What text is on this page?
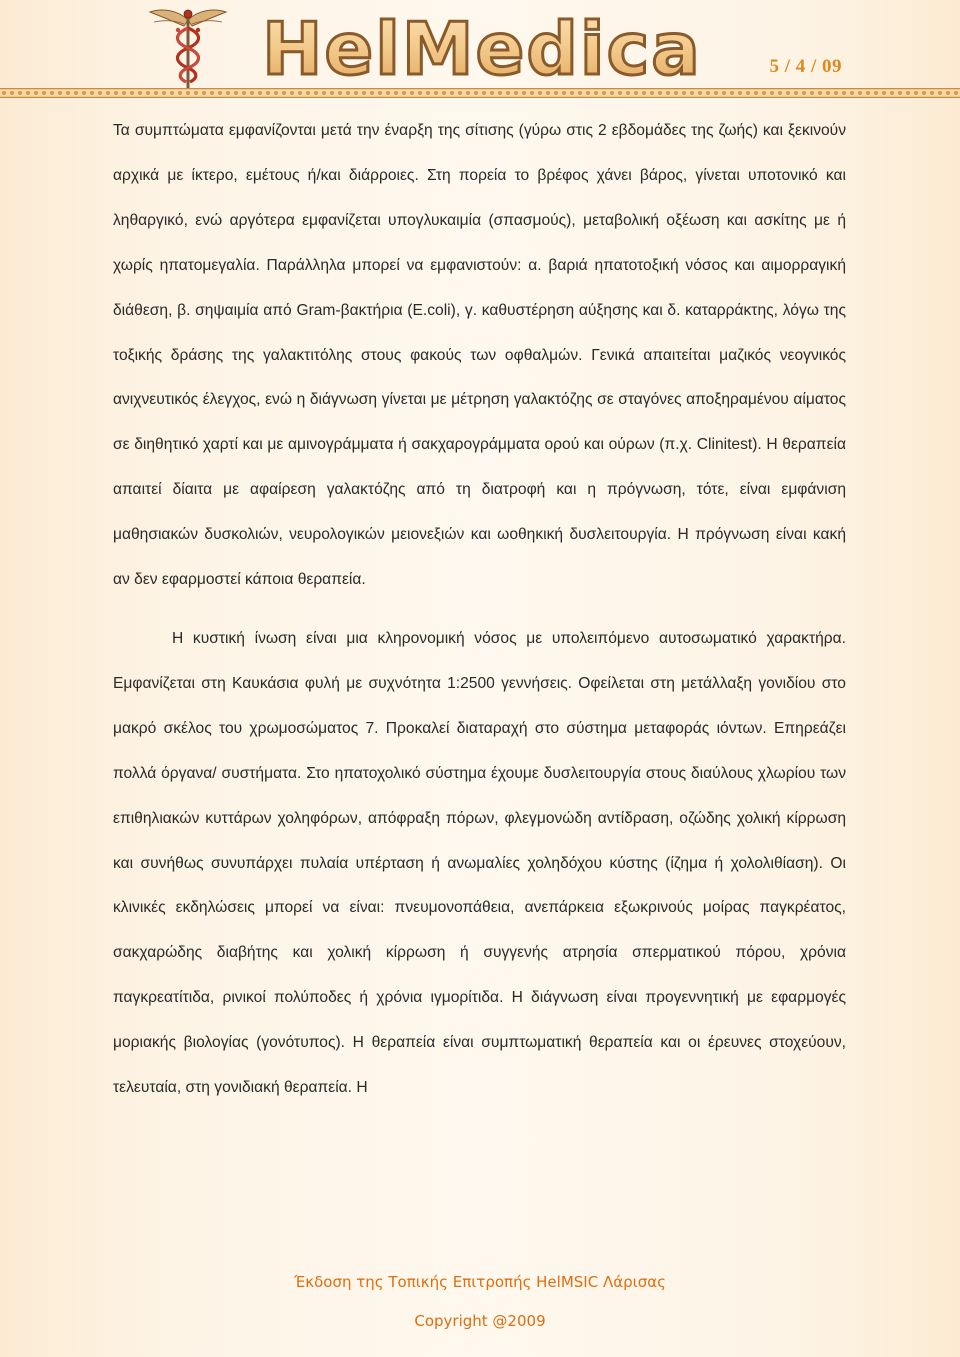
HelMedica	5 / 4 / 09

Τα συμπτώματα εμφανίζονται μετά την έναρξη της σίτισης (γύρω στις 2 εβδομάδες της ζωής) και ξεκινούν αρχικά με ίκτερο, εμέτους ή/και διάρροιες. Στη πορεία το βρέφος χάνει βάρος, γίνεται υποτονικό και ληθαργικό, ενώ αργότερα εμφανίζεται υπογλυκαιμία (σπασμούς), μεταβολική οξέωση και ασκίτης με ή χωρίς ηπατομεγαλία. Παράλληλα μπορεί να εμφανιστούν: α. βαριά ηπατοτοξική νόσος και αιμορραγική διάθεση, β. σηψαιμία από Gram-βακτήρια (E.coli), γ. καθυστέρηση αύξησης και δ. καταρράκτης, λόγω της τοξικής δράσης της γαλακτιτόλης στους φακούς των οφθαλμών. Γενικά απαιτείται μαζικός νεογνικός ανιχνευτικός έλεγχος, ενώ η διάγνωση γίνεται με μέτρηση γαλακτόζης σε σταγόνες αποξηραμένου αίματος σε διηθητικό χαρτί και με αμινογράμματα ή σακχαρογράμματα ορού και ούρων (π.χ. Clinitest). Η θεραπεία απαιτεί δίαιτα με αφαίρεση γαλακτόζης από τη διατροφή και η πρόγνωση, τότε, είναι εμφάνιση μαθησιακών δυσκολιών, νευρολογικών μειονεξιών και ωοθηκική δυσλειτουργία. Η πρόγνωση είναι κακή αν δεν εφαρμοστεί κάποια θεραπεία.

Η κυστική ίνωση είναι μια κληρονομική νόσος με υπολειπόμενο αυτοσωματικό χαρακτήρα. Εμφανίζεται στη Καυκάσια φυλή με συχνότητα 1:2500 γεννήσεις. Οφείλεται στη μετάλλαξη γονιδίου στο μακρό σκέλος του χρωμοσώματος 7. Προκαλεί διαταραχή στο σύστημα μεταφοράς ιόντων. Επηρεάζει πολλά όργανα/ συστήματα. Στο ηπατοχολικό σύστημα έχουμε δυσλειτουργία στους διαύλους χλωρίου των επιθηλιακών κυττάρων χοληφόρων, απόφραξη πόρων, φλεγμονώδη αντίδραση, οζώδης χολική κίρρωση και συνήθως συνυπάρχει πυλαία υπέρταση ή ανωμαλίες χοληδόχου κύστης (ίζημα ή χολολιθίαση). Οι κλινικές εκδηλώσεις μπορεί να είναι: πνευμονοπάθεια, ανεπάρκεια εξωκρινούς μοίρας παγκρέατος, σακχαρώδης διαβήτης και χολική κίρρωση ή συγγενής ατρησία σπερματικού πόρου, χρόνια παγκρεατίτιδα, ρινικοί πολύποδες ή χρόνια ιγμορίτιδα. Η διάγνωση είναι προγεννητική με εφαρμογές μοριακής βιολογίας (γονότυπος). Η θεραπεία είναι συμπτωματική θεραπεία και οι έρευνες στοχεύουν, τελευταία, στη γονιδιακή θεραπεία. Η

Έκδοση της Τοπικής Επιτροπής HelMSIC Λάρισας
Copyright @2009
